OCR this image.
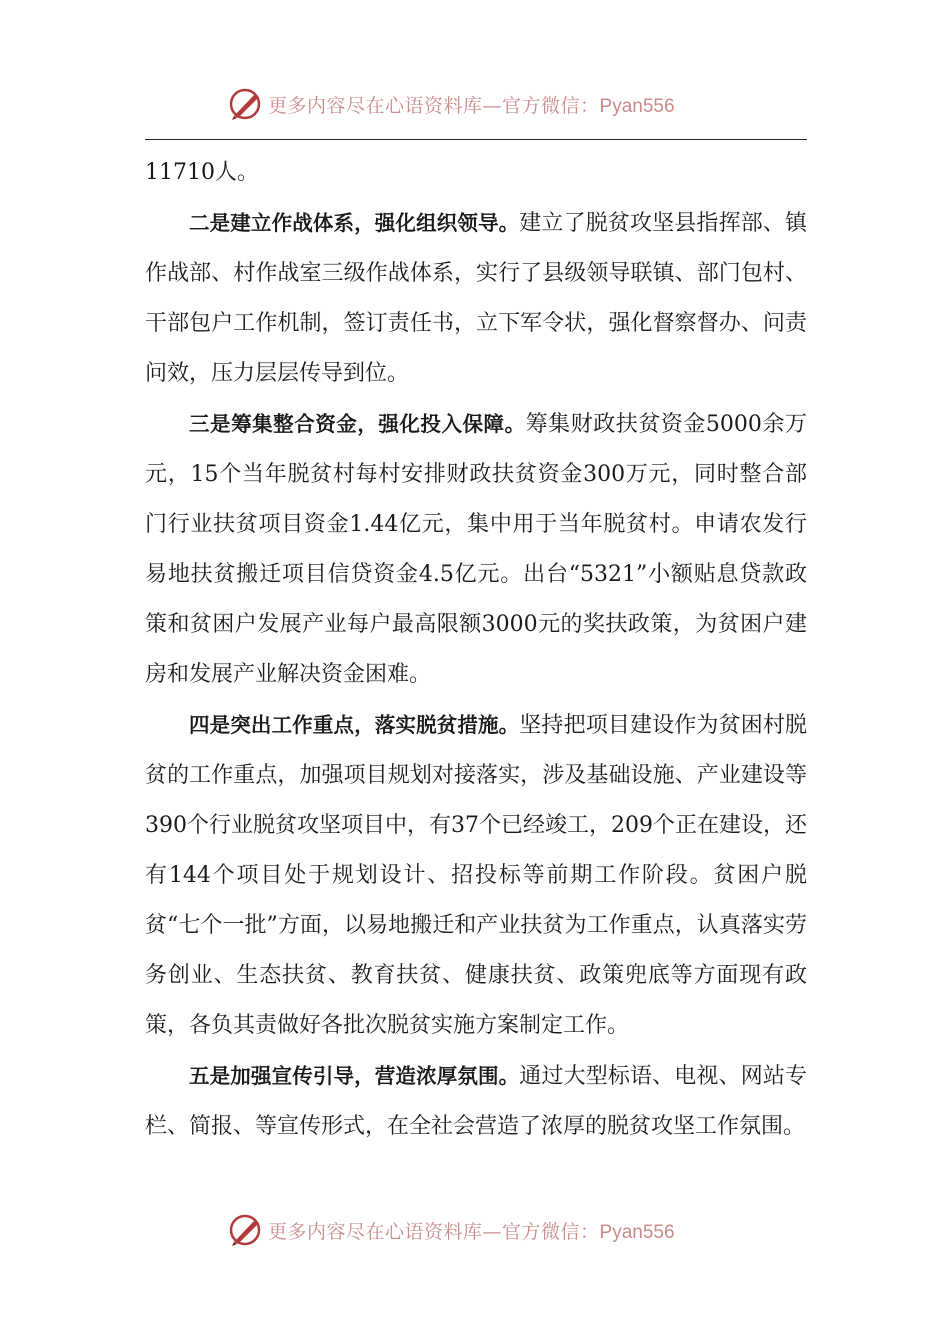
更多内容尽在心语资料库—官方微信：Pyan556

11710人。

二是建立作战体系，强化组织领导。建立了脱贫攻坚县指挥部、镇作战部、村作战室三级作战体系，实行了县级领导联镇、部门包村、干部包户工作机制，签订责任书，立下军令状，强化督察督办、问责问效，压力层层传导到位。

三是筹集整合资金，强化投入保障。筹集财政扶贫资金5000余万元，15个当年脱贫村每村安排财政扶贫资金300万元，同时整合部门行业扶贫项目资金1.44亿元，集中用于当年脱贫村。申请农发行易地扶贫搬迁项目信贷资金4.5亿元。出台“5321”小额贴息贷款政策和贫困户发展产业每户最高限额3000元的奖扶政策，为贫困户建房和发展产业解决资金困难。

四是突出工作重点，落实脱贫措施。坚持把项目建设作为贫困村脱贫的工作重点，加强项目规划对接落实，涉及基础设施、产业建设等390个行业脱贫攻坚项目中，有37个已经竣工，209个正在建设，还有144个项目处于规划设计、招投标等前期工作阶段。贫困户脱贫“七个一批”方面，以易地搬迁和产业扶贫为工作重点，认真落实劳务创业、生态扶贫、教育扶贫、健康扶贫、政策兜底等方面现有政策，各负其责做好各批次脱贫实施方案制定工作。

五是加强宣传引导，营造浓厚氛围。通过大型标语、电视、网站专栏、简报、等宣传形式，在全社会营造了浓厚的脱贫攻坚工作氛围。

更多内容尽在心语资料库—官方微信：Pyan556
